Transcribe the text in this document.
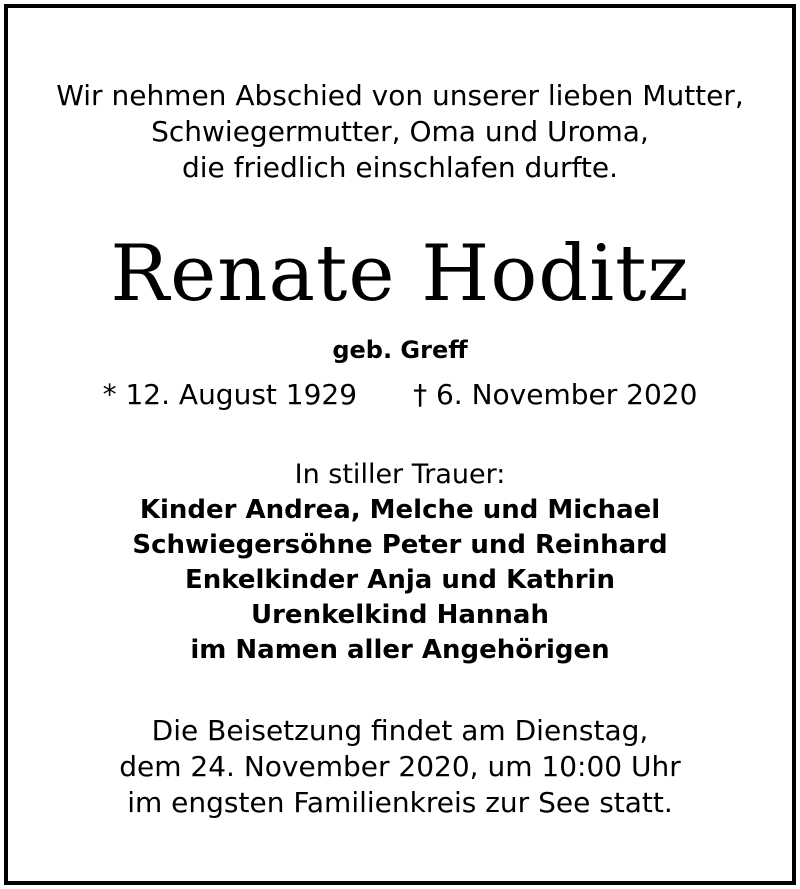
Wir nehmen Abschied von unserer lieben Mutter,
Schwiegermutter, Oma und Uroma,
die friedlich einschlafen durfte.
Renate Hoditz
geb. Greff
* 12. August 1929 † 6. November 2020
In stiller Trauer:
Kinder Andrea, Melche und Michael
Schwiegersöhne Peter und Reinhard
Enkelkinder Anja und Kathrin
Urenkelkind Hannah
im Namen aller Angehörigen
Die Beisetzung findet am Dienstag,
dem 24. November 2020, um 10:00 Uhr
im engsten Familienkreis zur See statt.
